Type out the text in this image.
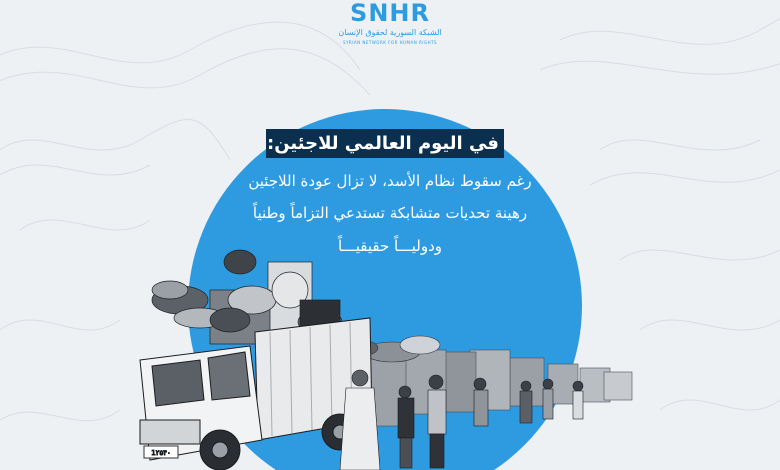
SNHR
الشبكة السورية لحقوق الإنسان
SYRIAN NETWORK FOR HUMAN RIGHTS
1۲۵۴۰
في اليوم العالمي للاجئين:
رغم سقوط نظام الأسد، لا تزال عودة اللاجئين
رهينة تحديات متشابكة تستدعي التزاماً وطنياً
ودوليـــاً حقيقيـــاً
